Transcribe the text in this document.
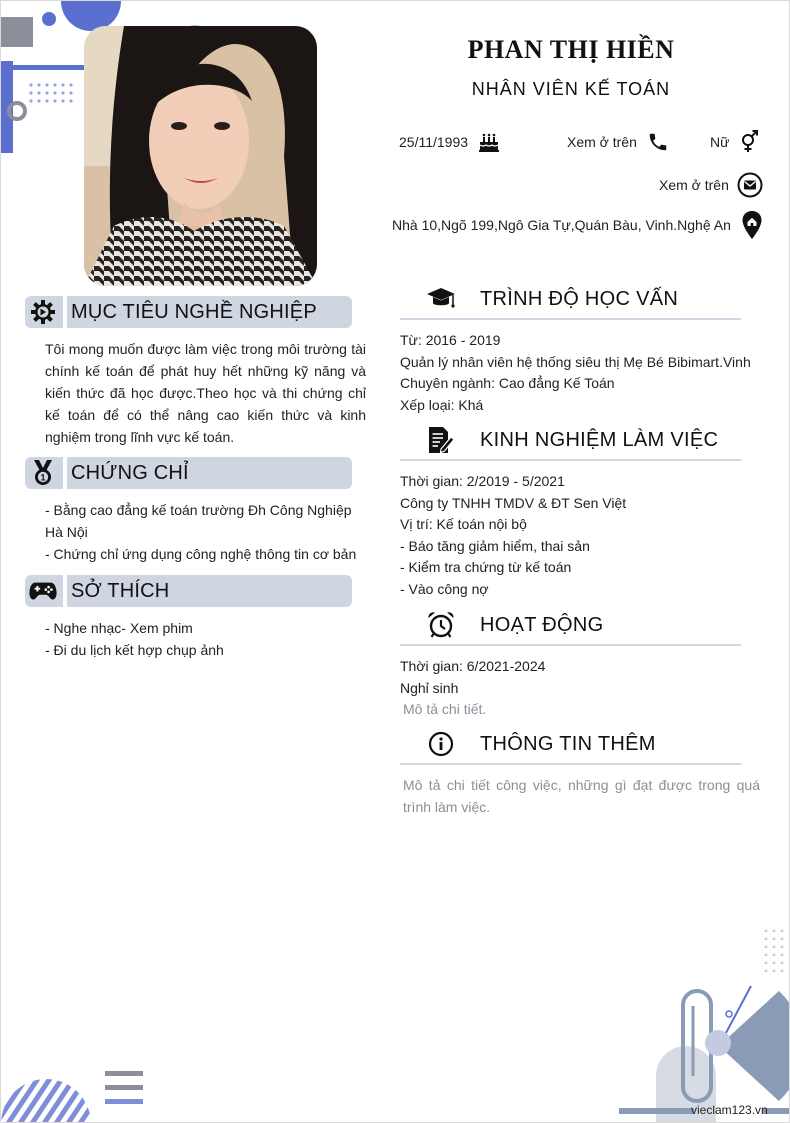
PHAN THỊ HIỀN
NHÂN VIÊN KẾ TOÁN
25/11/1993	Xem ở trên	Nữ
Xem ở trên
Nhà 10,Ngõ 199,Ngô Gia Tự,Quán Bàu, Vinh.Nghệ An
MỤC TIÊU NGHỀ NGHIỆP
Tôi mong muốn được làm việc trong môi trường tài chính kế toán để phát huy hết những kỹ năng và kiến thức đã học được.Theo học và thi chứng chỉ kế toán để có thể nâng cao kiến thức và kinh nghiệm trong lĩnh vực kế toán.
1 CHỨNG CHỈ
- Bằng cao đẳng kế toán trường Đh Công Nghiệp Hà Nội
- Chứng chỉ ứng dụng công nghệ thông tin cơ bản
SỞ THÍCH
- Nghe nhạc- Xem phim
- Đi du lịch kết hợp chụp ảnh
TRÌNH ĐỘ HỌC VẤN
Từ: 2016 - 2019
Quản lý nhân viên hệ thống siêu thị Mẹ Bé Bibimart.Vinh
Chuyên ngành: Cao đẳng Kế Toán
Xếp loại: Khá
KINH NGHIỆM LÀM VIỆC
Thời gian: 2/2019 - 5/2021
Công ty TNHH TMDV & ĐT Sen Việt
Vị trí: Kế toán nội bộ
- Báo tăng giảm hiểm, thai sản
- Kiểm tra chứng từ kế toán
- Vào công nợ
HOẠT ĐỘNG
Thời gian: 6/2021-2024
Nghỉ sinh
Mô tả chi tiết.
THÔNG TIN THÊM
Mô tả chi tiết công việc, những gì đạt được trong quá trình làm việc.
vieclam123.vn
